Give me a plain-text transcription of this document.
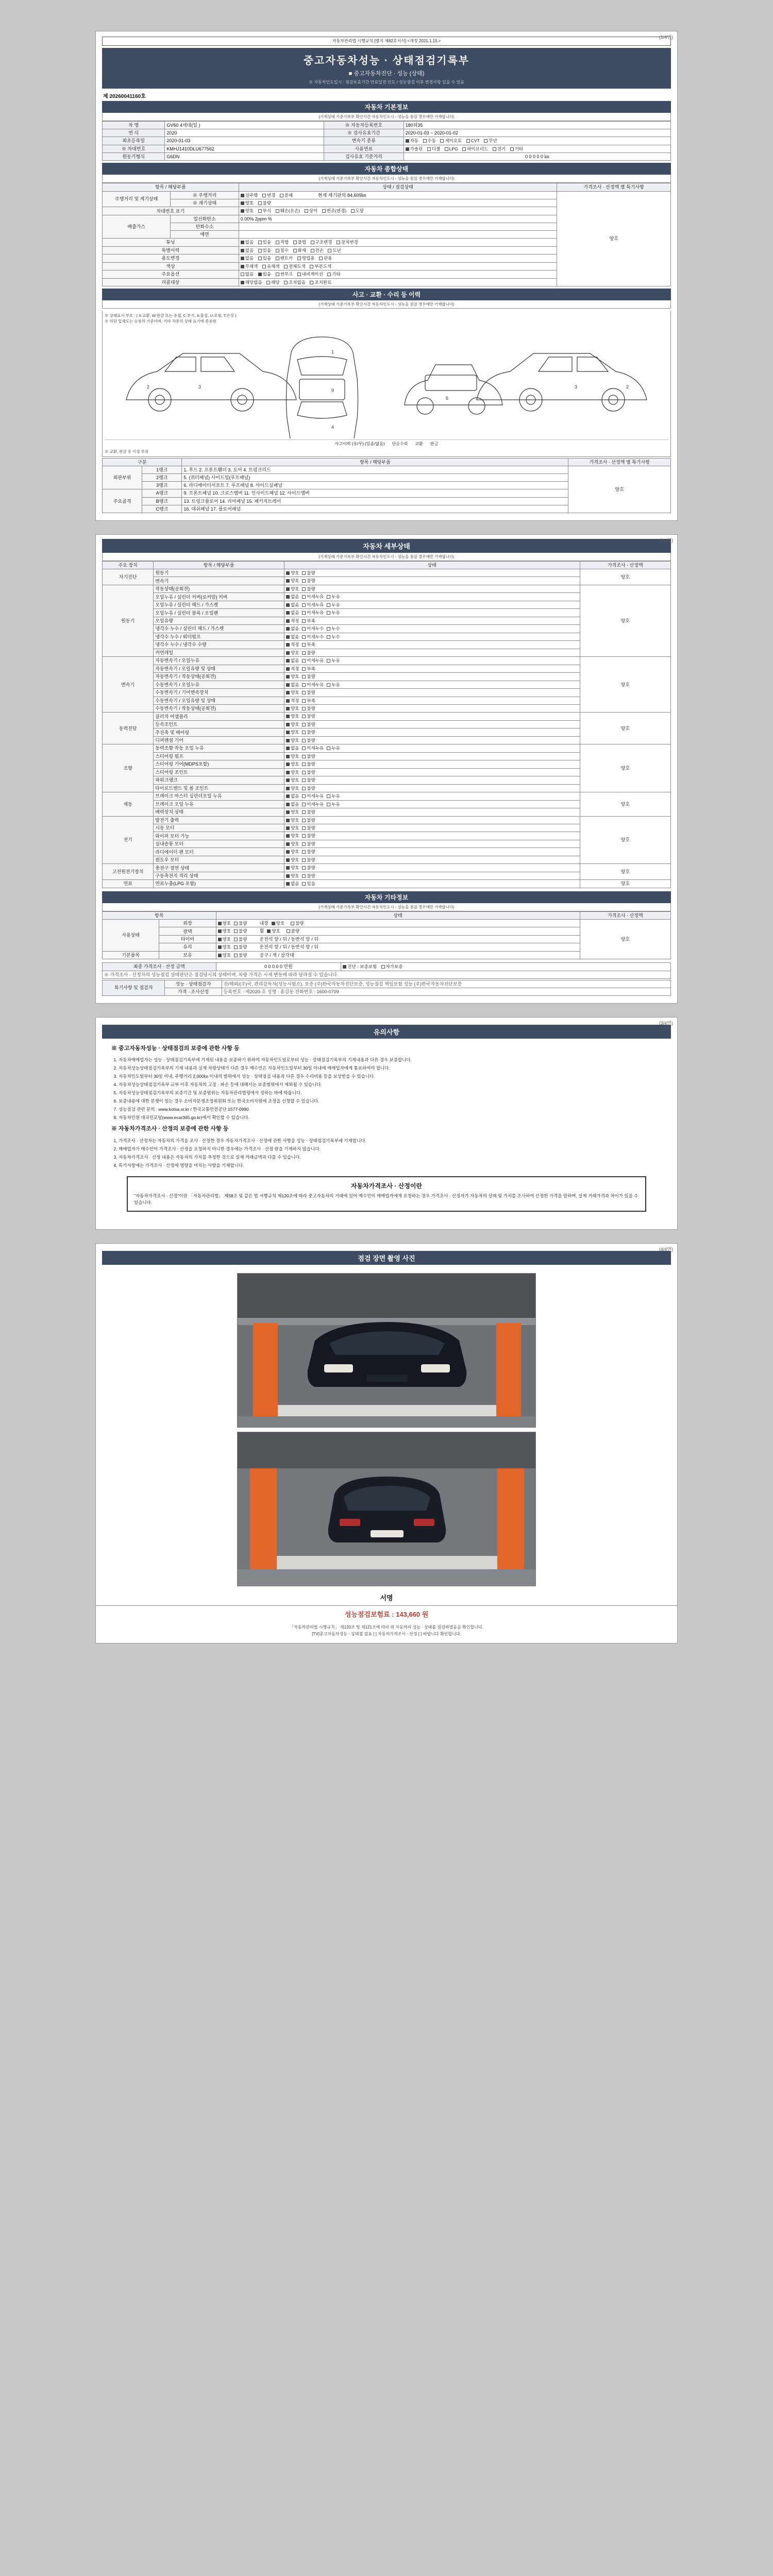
(1/4면)
자동차관리법 시행규칙 [별지 제82호서식] <개정 2021.1.15.>
중고자동차성능 · 상태점검기록부
■ 중고자동차진단 · 성능 (상태)
※ 자동차인도일시 : 점검유효기간 만료일전 인도 / 성능점검 이후 변경사항 있을 수 있음
제 20260041160호
자동차 기본정보
(기재상태 기준기록부 확인시간 자동차인도시 - 성능을 점검 경우에만 기재합니다)
차 명	GV60 4세대(일 )	※ 자동차등록번호	180허35
연 식	2020	※ 검사유효기간	2020-01-03 ~ 2020-01-02
최초등록일	2020-01-03	변속기 종류	자동 수동 세미오토 CVT 무단
※ 차대번호	KMHJ1410DLU677562	사용연료	가솔린 디젤 LPG 하이브리드 전기 기타
원동기형식	G6DN	검사유효 기준거리	0 0 0 0 0 ㎞
자동차 종합상태
(기재상태 기준기록부 확인시간 자동차인도시 - 성능을 점검 경우에만 기재합니다)
항목 / 해당부품		상태 / 점검상태	가격조사 · 산정액 별 특기사항
주행거리 및 계기상태	※ 주행거리	실주행 변경 분해 현재 계기판의 84,609㎞	양호
	※ 계기상태	양호 불량	
차대번호 표기		양호 부식 훼손(오손) 상이 변조(변경) 도말	
배출가스	일산화탄소	0.00% 2ppm %	
	탄화수소		
	매연		
튜닝		없음 있음 적법 불법 구조변경 장치변경	
특별이력		없음 있음 침수 화재 전손 도난	
용도변경		없음 있음 렌트카 영업용 관용	
색상		무채색 유채색 전체도색 부분도색	
주요옵션		없음 있음 썬루프 내비게이션 기타	
리콜대상		해당없음 해당 조치없음 조치완료	
사고 · 교환 · 수리 등 이력
(기재상태 기준기록부 확인시간 자동차인도시 - 성능을 점검 경우에만 기재합니다)
※ 상태표시 부호 : ( X:교환, W:판금 또는 용접, C:부식, A:흠집, U:요철, T:손상 )
※ 하단 입체도는 승용차 기준이며, 기타 차종의 상태 표기에 준용함
1
9
4
3	3
2	2
6
사고이력 (유/무) (있음/없음) 단순수리 교환 판금
※ 교환, 판금 등 이상 부위
구분		항목 / 해당부품	가격조사 · 산정액 별 특기사항
외판부위	1랭크	1. 후드 2. 프론트휀더 3. 도어 4. 트렁크리드	양호
	2랭크	5. (쿼터패널) 사이드일(루프패널)	
	3랭크	6. 라디에이터서포트 7. 루프패널 8. 사이드실패널	
주요골격	A랭크	9. 프론트패널 10. 크로스멤버 11. 인사이드패널 12. 사이드멤버	
	B랭크	13. 트렁크플로어 14. 리어패널 15. 패키지트레이	
	C랭크	16. 대쉬패널 17. 플로어패널	
(2/4면)
자동차 세부상태
(기재상태 기준기록부 확인시간 자동차인도시 - 성능을 점검 경우에만 기재합니다)
주요 장치	항목 / 해당부품	상태	가격조사 · 산정액
자기진단	원동기	양호 불량	양호
	변속기	양호 불량	
원동기	작동상태(공회전)	양호 불량	양호
	오일누유 / 실린더 커버(로커암) 커버	없음 미세누유 누유	
	오일누유 / 실린더 헤드 / 가스켓	없음 미세누유 누유	
	오일누유 / 실린더 블록 / 오일팬	없음 미세누유 누유	
	오일유량	적정 부족	
	냉각수 누수 / 실린더 헤드 / 가스켓	없음 미세누수 누수	
	냉각수 누수 / 워터펌프	없음 미세누수 누수	
	냉각수 누수 / 냉각수 수량	적정 부족	
	커먼레일	양호 불량	
변속기	자동변속기 / 오일누유	없음 미세누유 누유	양호
	자동변속기 / 오일유량 및 상태	적정 부족	
	자동변속기 / 작동상태(공회전)	양호 불량	
	수동변속기 / 오일누유	없음 미세누유 누유	
	수동변속기 / 기어변속장치	양호 불량	
	수동변속기 / 오일유량 및 상태	적정 부족	
	수동변속기 / 작동상태(공회전)	양호 불량	
동력전달	클러치 어셈블리	양호 불량	양호
	등속조인트	양호 불량	
	추진축 및 베어링	양호 불량	
	디퍼렌셜 기어	양호 불량	
조향	동력조향 작동 오일 누유	없음 미세누유 누유	양호
	스티어링 펌프	양호 불량	
	스티어링 기어(MDPS포함)	양호 불량	
	스티어링 조인트	양호 불량	
	파워크랭크	양호 불량	
	타이로드엔드 및 볼 조인트	양호 불량	
제동	브레이크 마스터 실린더오일 누유	없음 미세누유 누유	양호
	브레이크 오일 누유	없음 미세누유 누유	
	배력장치 상태	양호 불량	
전기	발전기 출력	양호 불량	양호
	시동 모터	양호 불량	
	와이퍼 모터 기능	양호 불량	
	실내송풍 모터	양호 불량	
	라디에이터 팬 모터	양호 불량	
	윈도우 모터	양호 불량	
고전원전기장치	충전구 절연 상태	양호 불량	양호
	구동축전지 격리 상태	양호 불량	
연료	연료누출(LPG 포함)	없음 있음	양호
자동차 기타정보
(기재상태 기준기록부 확인시간 자동차인도시 - 성능을 점검 경우에만 기재합니다)
항목		상태	가격조사 · 산정액
사용상태	외장	양호 불량 내장 양호 불량	양호
	광택	양호 불량 휠 양호 불량	
	타이어	양호 불량 운전석 앞 / 뒤 / 동반석 앞 / 뒤	
	유리	양호 불량 운전석 앞 / 뒤 / 동반석 앞 / 뒤	
기본품목	보유	양호 불량 공구 / 잭 / 삼각대	
최종 가격조사 · 산정 금액	0 0 0 0 0 만원	진단 · 보증보험 자가보증
※ 가격조사 · 산정자의 성능점검 상태판단은 점검당시의 상태이며, 차량 가격은 시세 변동에 따라 달라질 수 있습니다.
특기사항 및 점검자	성능 · 상태점검자	진/해외/(주)국, 관리감독자(성능시험소), 보증 (주)한국자동차진단보증, 성능점검 책임보험 성능 (주)한국자동차진단보증
	가격 · 조사산정	등록번호 : 제2020-호 성명 : 홍길동 전화번호 : 1600-0709
(3/4면)
유의사항
※ 중고자동차성능 · 상태점검의 보증에 관한 사항 등
1. 자동차매매업자는 성능 · 상태점검기록부에 기재된 내용을 보증하기 위하여 자동차인도일로부터 성능 · 상태점검기록부의 기재내용과 다른 경우 보증합니다.
2. 자동차성능상태점검기록부의 기재 내용과 실제 차량상태가 다른 경우 매수인은 자동차인도일부터 30일 이내에 매매업자에게 통보하여야 합니다.
3. 자동차인도일부터 30일 이내, 주행거리 2,000㎞ 이내의 범위에서 성능 · 상태점검 내용과 다른 경우 수리비용 등을 보상받을 수 있습니다.
4. 자동차성능상태점검기록부 교부 이후 자동차의 고장 · 파손 등에 대해서는 보증범위에서 제외될 수 있습니다.
5. 자동차성능상태점검기록부의 보증기간 및 보증범위는 자동차관리법령에서 정하는 바에 따릅니다.
6. 보증내용에 대한 분쟁이 있는 경우 소비자분쟁조정위원회 또는 한국소비자원에 조정을 신청할 수 있습니다.
7. 성능점검 관련 문의 : www.kotsa.or.kr / 한국교통안전공단 1577-0990
8. 자동차민원 대국민포털(www.ecar365.go.kr)에서 확인할 수 있습니다.
※ 자동차가격조사 · 산정의 보증에 관한 사항 등
1. 가격조사 · 산정자는 자동차의 가격을 조사 · 산정한 경우 자동차가격조사 · 산정에 관한 사항을 성능 · 상태점검기록부에 기재합니다.
2. 매매업자가 매수인이 가격조사 · 산정을 요청하지 아니한 경우에는 가격조사 · 산정 란을 기재하지 않습니다.
3. 자동차가격조사 · 산정 내용은 자동차의 가치를 추정한 것으로 실제 거래금액과 다를 수 있습니다.
4. 특기사항에는 가격조사 · 산정에 영향을 미치는 사항을 기재합니다.
자동차가격조사 · 산정이란
"자동차가격조사 · 산정"이란 「자동차관리법」 제58조 및 같은 법 시행규칙 제120조에 따라 중고자동차의 거래에 있어 매수인이 매매업자에게 요청하는 경우 가격조사 · 산정자가 자동차의 상태 및 가치를 조사하여 산정한 가격을 말하며, 실제 거래가격과 차이가 있을 수 있습니다.
(4/4면)
점검 장면 촬영 사진
서명
성능점검보험료 : 143,660 원
「자동차관리법 시행규칙」 제120조 및 제121조에 따라 위 자동차의 성능 · 상태를 점검하였음을 확인합니다.
[TV]중고자동차성능 · 상태점 검표 [ ] 자동차가격조사 · 산정 [ ] 바랍니다 확인합니다.
